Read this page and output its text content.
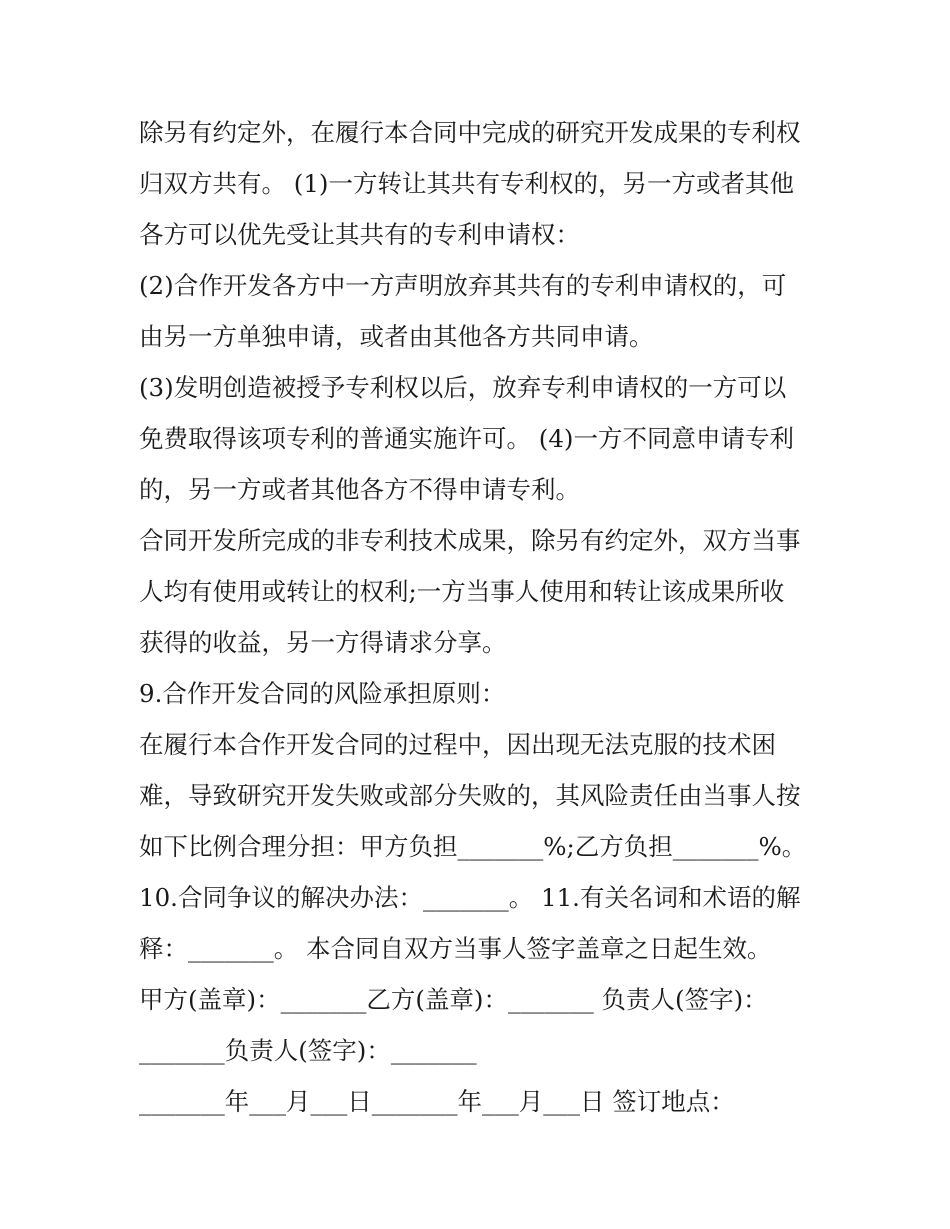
除另有约定外，在履行本合同中完成的研究开发成果的专利权
归双方共有。 (1)一方转让其共有专利权的，另一方或者其他
各方可以优先受让其共有的专利申请权：
(2)合作开发各方中一方声明放弃其共有的专利申请权的，可
由另一方单独申请，或者由其他各方共同申请。
(3)发明创造被授予专利权以后，放弃专利申请权的一方可以
免费取得该项专利的普通实施许可。 (4)一方不同意申请专利
的，另一方或者其他各方不得申请专利。
合同开发所完成的非专利技术成果，除另有约定外，双方当事
人均有使用或转让的权利;一方当事人使用和转让该成果所收
获得的收益，另一方得请求分享。
9.合作开发合同的风险承担原则：
在履行本合作开发合同的过程中，因出现无法克服的技术困
难，导致研究开发失败或部分失败的，其风险责任由当事人按
如下比例合理分担：甲方负担_______%;乙方负担_______%。
10.合同争议的解决办法：_______。 11.有关名词和术语的解
释：_______。 本合同自双方当事人签字盖章之日起生效。
甲方(盖章)：_______乙方(盖章)：_______ 负责人(签字)：
_______负责人(签字)：_______
_______年___月___日_______年___月___日 签订地点：
